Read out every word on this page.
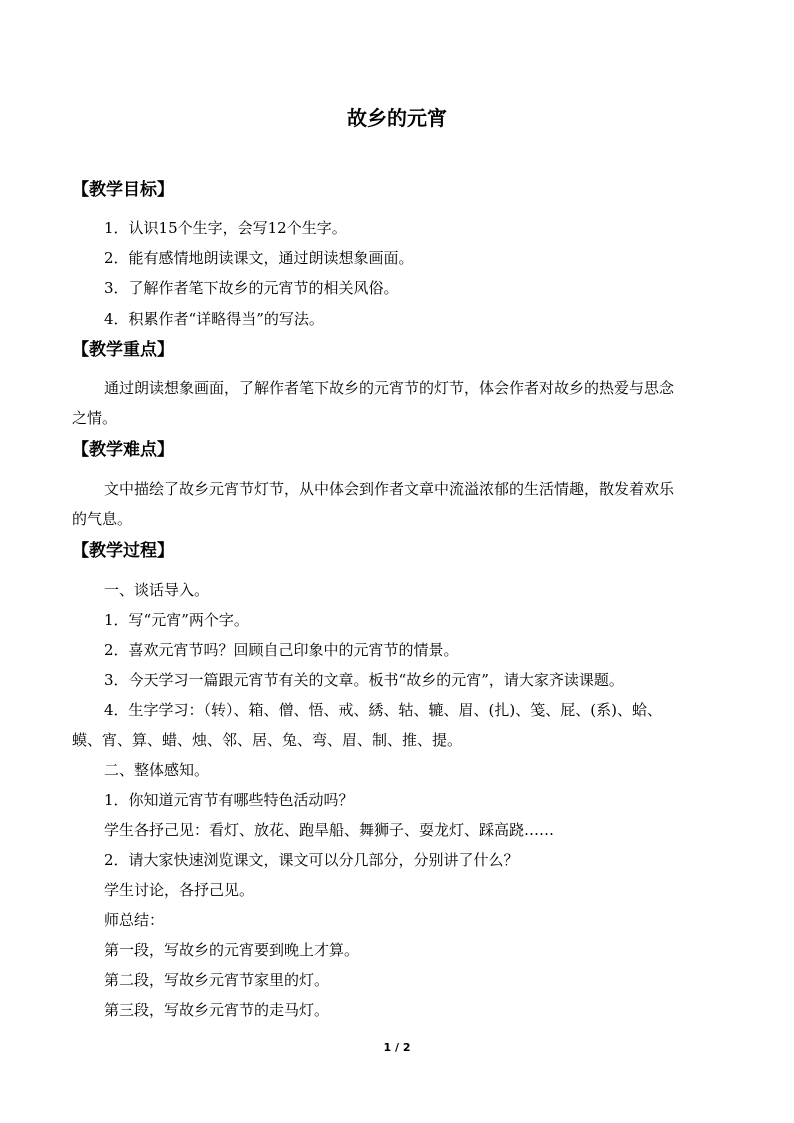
故乡的元宵
【教学目标】
1．认识15个生字，会写12个生字。
2．能有感情地朗读课文，通过朗读想象画面。
3．了解作者笔下故乡的元宵节的相关风俗。
4．积累作者“详略得当”的写法。
【教学重点】
通过朗读想象画面，了解作者笔下故乡的元宵节的灯节，体会作者对故乡的热爱与思念
之情。
【教学难点】
文中描绘了故乡元宵节灯节，从中体会到作者文章中流溢浓郁的生活情趣，散发着欢乐
的气息。
【教学过程】
一、谈话导入。
1．写“元宵”两个字。
2．喜欢元宵节吗？回顾自己印象中的元宵节的情景。
3．今天学习一篇跟元宵节有关的文章。板书“故乡的元宵”，请大家齐读课题。
4．生字学习：（转）、箱、僧、悟、戒、綉、轱、辘、眉、(扎)、笺、屁、(系)、蛤、
蟆、宵、算、蜡、烛、邻、居、兔、弯、眉、制、推、提。
二、整体感知。
1．你知道元宵节有哪些特色活动吗？
学生各抒己见：看灯、放花、跑旱船、舞狮子、耍龙灯、踩高跷……
2．请大家快速浏览课文，课文可以分几部分，分别讲了什么？
学生讨论，各抒己见。
师总结：
第一段，写故乡的元宵要到晚上才算。
第二段，写故乡元宵节家里的灯。
第三段，写故乡元宵节的走马灯。
1 / 2
